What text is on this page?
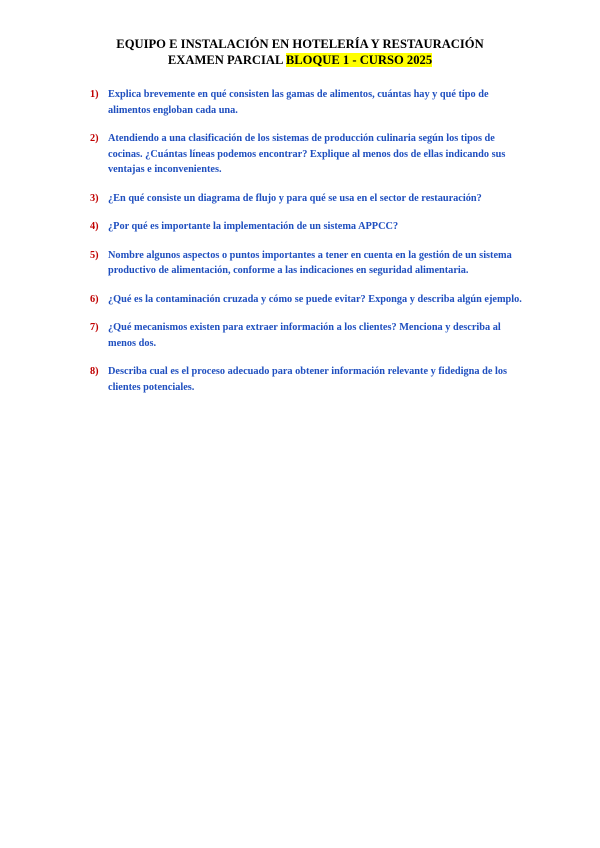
EQUIPO E INSTALACIÓN EN HOTELERÍA Y RESTAURACIÓN
EXAMEN PARCIAL BLOQUE 1 - CURSO 2025
1) Explica brevemente en qué consisten las gamas de alimentos, cuántas hay y qué tipo de alimentos engloban cada una.
2) Atendiendo a una clasificación de los sistemas de producción culinaria según los tipos de cocinas. ¿Cuántas líneas podemos encontrar? Explique al menos dos de ellas indicando sus ventajas e inconvenientes.
3) ¿En qué consiste un diagrama de flujo y para qué se usa en el sector de restauración?
4) ¿Por qué es importante la implementación de un sistema APPCC?
5) Nombre algunos aspectos o puntos importantes a tener en cuenta en la gestión de un sistema productivo de alimentación, conforme a las indicaciones en seguridad alimentaria.
6) ¿Qué es la contaminación cruzada y cómo se puede evitar? Exponga y describa algún ejemplo.
7) ¿Qué mecanismos existen para extraer información a los clientes? Menciona y describa al menos dos.
8) Describa cual es el proceso adecuado para obtener información relevante y fidedigna de los clientes potenciales.
